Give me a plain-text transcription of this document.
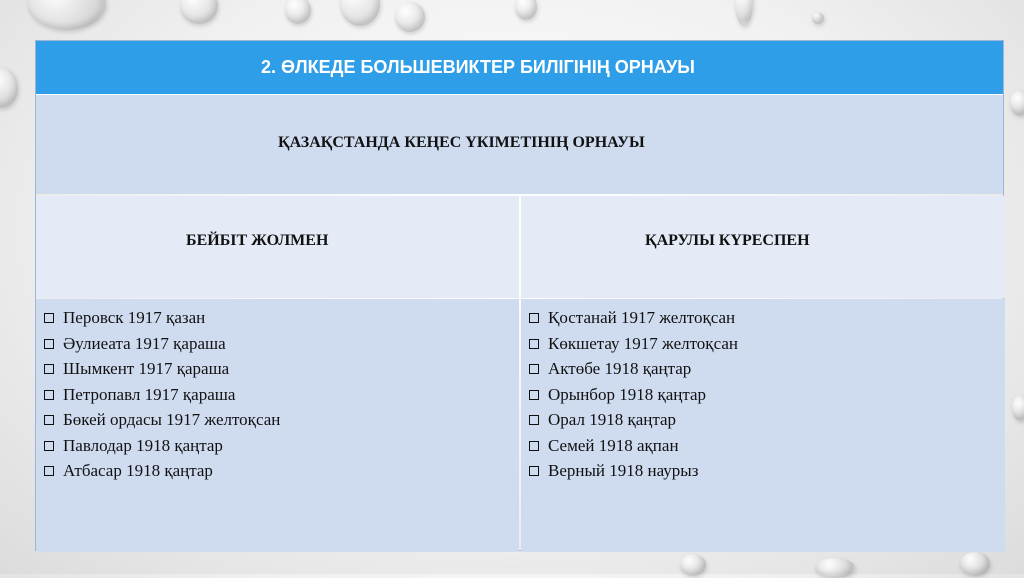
2. ӨЛКЕДЕ БОЛЬШЕВИКТЕР БИЛІГІНІҢ ОРНАУЫ
ҚАЗАҚСТАНДА КЕҢЕС ҮКІМЕТІНІҢ ОРНАУЫ
БЕЙБІТ ЖОЛМЕН	ҚАРУЛЫ КҮРЕСПЕН
Перовск 1917 қазан
Әулиеата 1917 қараша
Шымкент 1917 қараша
Петропавл 1917 қараша
Бөкей ордасы 1917 желтоқсан
Павлодар 1918 қаңтар
Атбасар 1918 қаңтар
Қостанай 1917 желтоқсан
Көкшетау 1917 желтоқсан
Актөбе 1918 қаңтар
Орынбор 1918 қаңтар
Орал 1918 қаңтар
Семей 1918 ақпан
Верный 1918 наурыз
